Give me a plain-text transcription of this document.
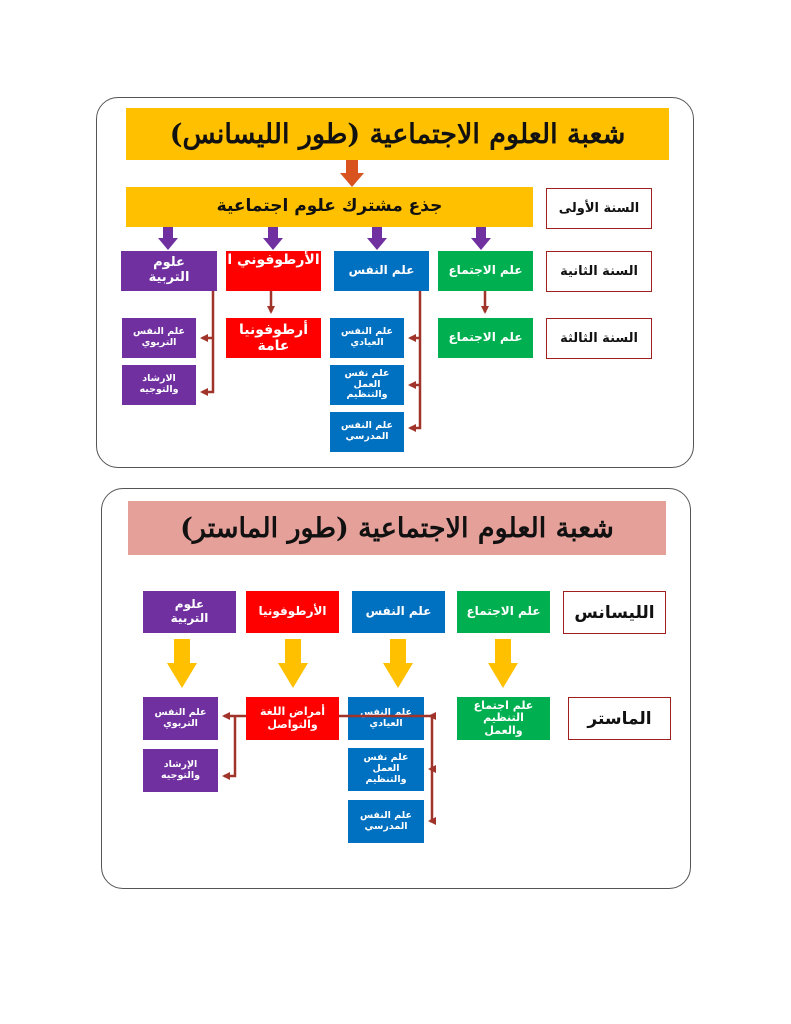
شعبة العلوم الاجتماعية (طور الليسانس)
جذع مشترك علوم اجتماعية	السنة الأولى
السنة الثانية
السنة الثالثة
علم الاجتماع
علم النفس
الأرطوفوني ا
علوم التربية
علم الاجتماع
أرطوفونيا عامة
علم النفس العيادي
علم نفس العمل والتنظيم
علم النفس المدرسي
علم النفس التربوي
الارشاد والتوجيه
شعبة العلوم الاجتماعية (طور الماستر)
الليسانس
الماستر
علم الاجتماع
علم النفس
الأرطوفونيا
علوم التربية
علم اجتماع التنظيم والعمل
علم النفس العيادي
علم نفس العمل والتنظيم
علم النفس المدرسي
أمراض اللغة والتواصل
علم النفس التربوي
الإرشاد والتوجيه
